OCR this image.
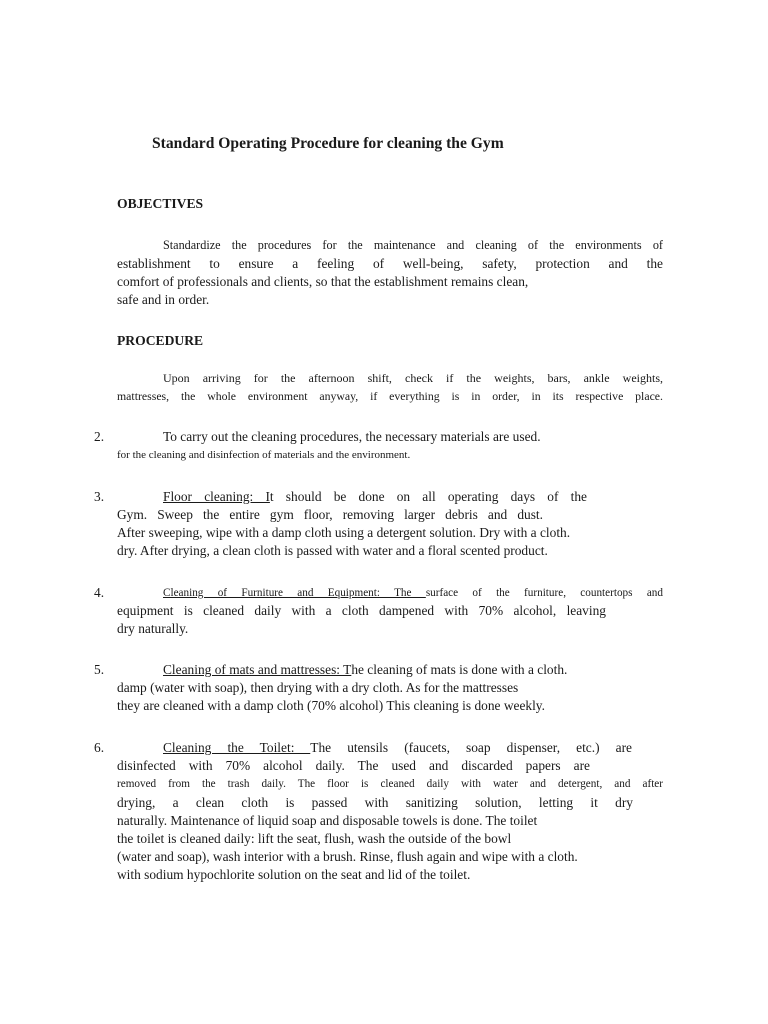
Standard Operating Procedure for cleaning the Gym
OBJECTIVES
Standardize the procedures for the maintenance and cleaning of the environments of
establishment to ensure a feeling of well-being, safety, protection and the
comfort of professionals and clients, so that the establishment remains clean,
safe and in order.
PROCEDURE
Upon arriving for the afternoon shift, check if the weights, bars, ankle weights,
mattresses, the whole environment anyway, if everything is in order, in its respective place.
2.	To carry out the cleaning procedures, the necessary materials are used.
for the cleaning and disinfection of materials and the environment.
3.	Floor cleaning: It should be done on all operating days of the
Gym. Sweep the entire gym floor, removing larger debris and dust.
After sweeping, wipe with a damp cloth using a detergent solution. Dry with a cloth.
dry. After drying, a clean cloth is passed with water and a floral scented product.
4.	Cleaning of Furniture and Equipment: The surface of the furniture, countertops and
equipment is cleaned daily with a cloth dampened with 70% alcohol, leaving
dry naturally.
5.	Cleaning of mats and mattresses: The cleaning of mats is done with a cloth.
damp (water with soap), then drying with a dry cloth. As for the mattresses
they are cleaned with a damp cloth (70% alcohol) This cleaning is done weekly.
6.	Cleaning the Toilet: The utensils (faucets, soap dispenser, etc.) are
disinfected with 70% alcohol daily. The used and discarded papers are
removed from the trash daily. The floor is cleaned daily with water and detergent, and after
drying, a clean cloth is passed with sanitizing solution, letting it dry
naturally. Maintenance of liquid soap and disposable towels is done. The toilet
the toilet is cleaned daily: lift the seat, flush, wash the outside of the bowl
(water and soap), wash interior with a brush. Rinse, flush again and wipe with a cloth.
with sodium hypochlorite solution on the seat and lid of the toilet.
